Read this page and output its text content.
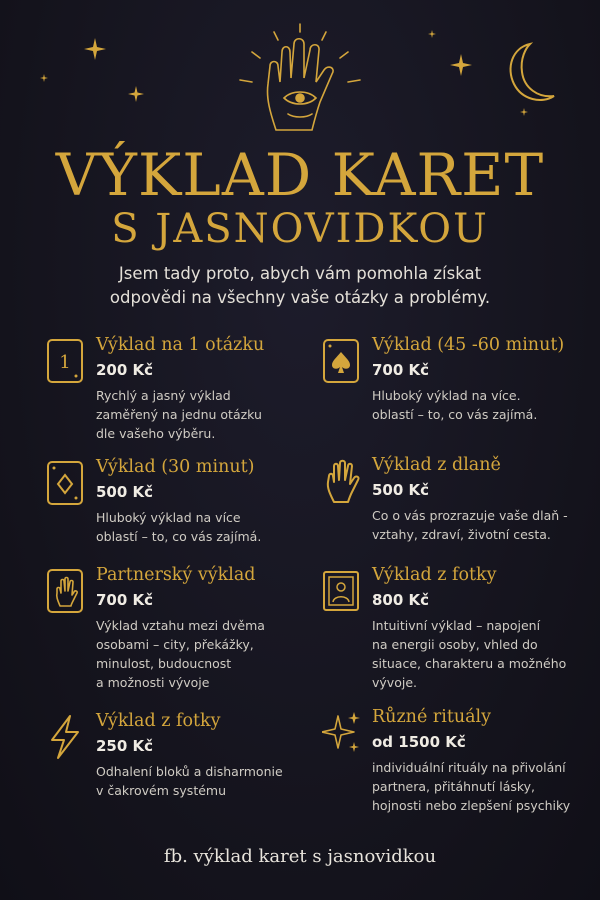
VÝKLAD KARET
S JASNOVIDKOU

Jsem tady proto, abych vám pomohla získat
odpovědi na všechny vaše otázky a problémy.

1

Výklad na 1 otázku

200 Kč

Rychlý a jasný výklad
zaměřený na jednu otázku
dle vašeho výběru.

Výklad (45 -60 minut)

700 Kč

Hluboký výklad na více.
oblastí – to, co vás zajímá.

Výklad (30 minut)

500 Kč

Hluboký výklad na více
oblastí – to, co vás zajímá.

Výklad z dlaně

500 Kč

Co o vás prozrazuje vaše dlaň -
vztahy, zdraví, životní cesta.

Partnerský výklad

700 Kč

Výklad vztahu mezi dvěma
osobami – city, překážky,
minulost, budoucnost
a možnosti vývoje

Výklad z fotky

800 Kč

Intuitivní výklad – napojení
na energii osoby, vhled do
situace, charakteru a možného
vývoje.

Výklad z fotky

250 Kč

Odhalení bloků a disharmonie
v čakrovém systému

Různé rituály

od 1500 Kč

individuální rituály na přivolání
partnera, přitáhnutí lásky,
hojnosti nebo zlepšení psychiky

fb. výklad karet s jasnovidkou
